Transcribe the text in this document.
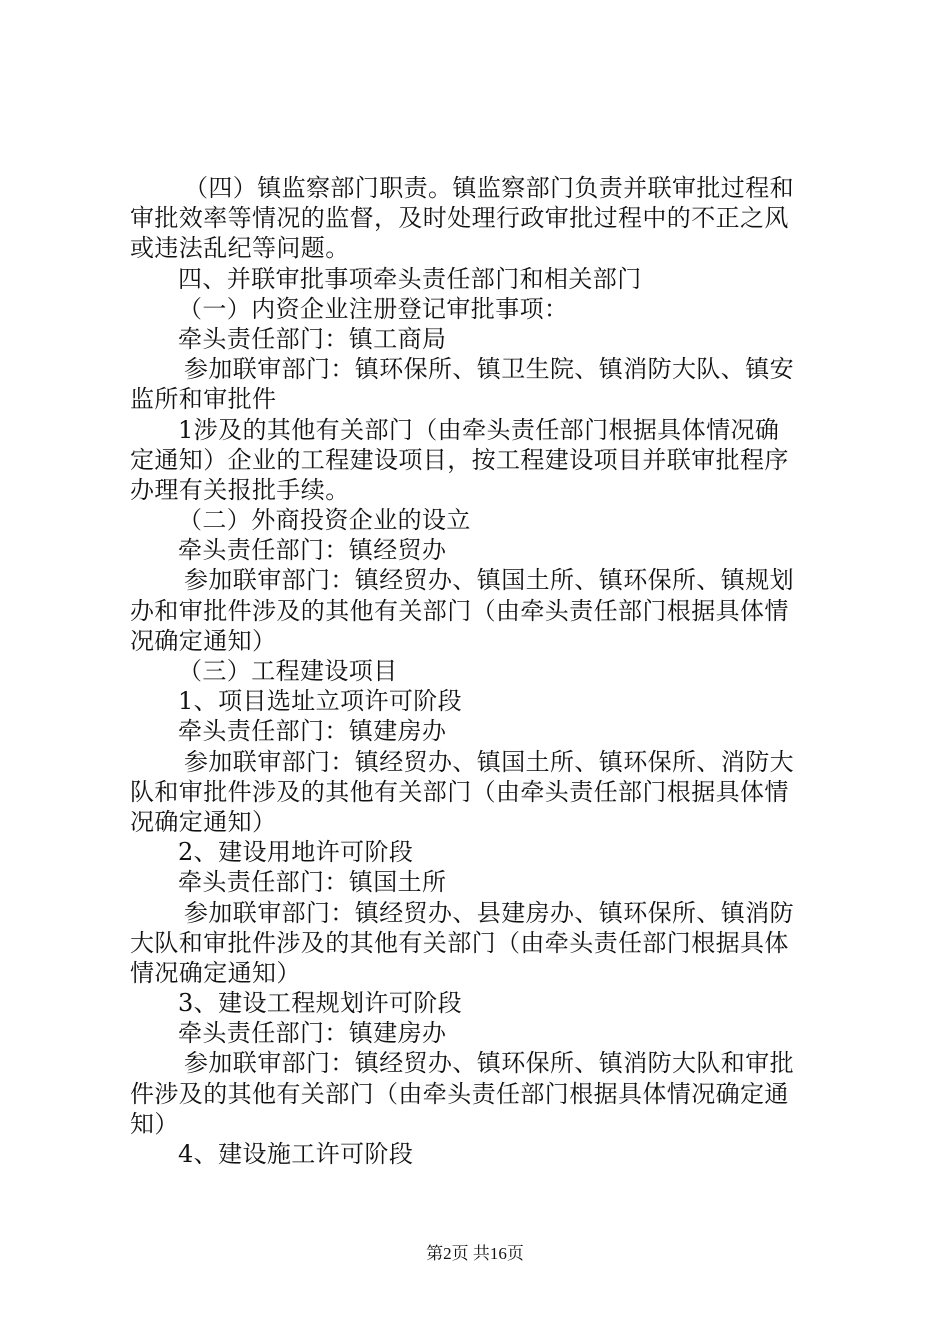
（四）镇监察部门职责。镇监察部门负责并联审批过程和
审批效率等情况的监督，及时处理行政审批过程中的不正之风
或违法乱纪等问题。
四、并联审批事项牵头责任部门和相关部门
（一）内资企业注册登记审批事项：
牵头责任部门：镇工商局
参加联审部门：镇环保所、镇卫生院、镇消防大队、镇安
监所和审批件
1涉及的其他有关部门（由牵头责任部门根据具体情况确
定通知）企业的工程建设项目，按工程建设项目并联审批程序
办理有关报批手续。
（二）外商投资企业的设立
牵头责任部门：镇经贸办
参加联审部门：镇经贸办、镇国土所、镇环保所、镇规划
办和审批件涉及的其他有关部门（由牵头责任部门根据具体情
况确定通知）
（三）工程建设项目
1、项目选址立项许可阶段
牵头责任部门：镇建房办
参加联审部门：镇经贸办、镇国土所、镇环保所、消防大
队和审批件涉及的其他有关部门（由牵头责任部门根据具体情
况确定通知）
2、建设用地许可阶段
牵头责任部门：镇国土所
参加联审部门：镇经贸办、县建房办、镇环保所、镇消防
大队和审批件涉及的其他有关部门（由牵头责任部门根据具体
情况确定通知）
3、建设工程规划许可阶段
牵头责任部门：镇建房办
参加联审部门：镇经贸办、镇环保所、镇消防大队和审批
件涉及的其他有关部门（由牵头责任部门根据具体情况确定通
知）
4、建设施工许可阶段
第2页 共16页
